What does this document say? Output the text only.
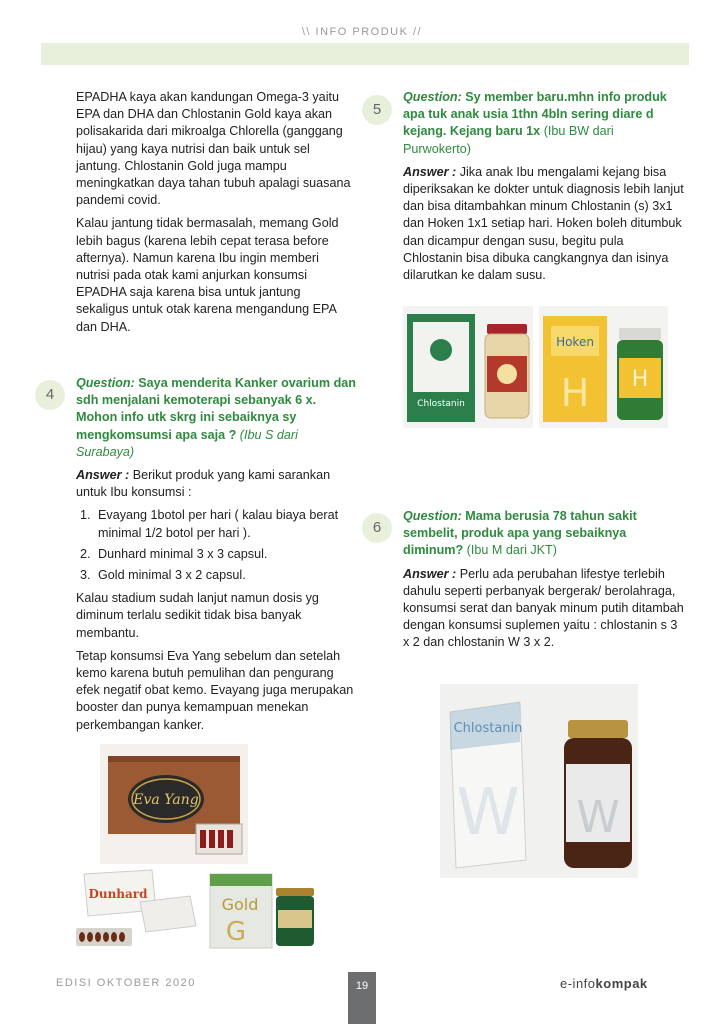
\\ INFO PRODUK //

EPADHA kaya akan kandungan Omega-3 yaitu EPA dan DHA dan Chlostanin Gold kaya akan polisakarida dari mikroalga Chlorella (ganggang hijau) yang kaya nutrisi dan baik untuk sel jantung. Chlostanin Gold juga mampu meningkatkan daya tahan tubuh apalagi suasana pandemi covid.

Kalau jantung tidak bermasalah, memang Gold lebih bagus (karena lebih cepat terasa before afternya). Namun karena Ibu ingin memberi nutrisi pada otak kami anjurkan konsumsi EPADHA saja karena bisa untuk jantung sekaligus untuk otak karena mengandung EPA dan DHA.

4

Question: Saya menderita Kanker ovarium dan sdh menjalani kemoterapi sebanyak 6 x. Mohon info utk skrg ini sebaiknya sy mengkomsumsi apa saja ? (Ibu S dari Surabaya)

Answer : Berikut produk yang kami sarankan untuk Ibu konsumsi :

1. Evayang 1botol per hari ( kalau biaya berat minimal 1/2 botol per hari ).
2. Dunhard minimal 3 x 3 capsul.
3. Gold minimal 3 x 2 capsul.

Kalau stadium sudah lanjut namun dosis yg diminum terlalu sedikit tidak bisa banyak membantu.

Tetap konsumsi Eva Yang sebelum dan setelah kemo karena butuh pemulihan dan pengurang efek negatif obat kemo. Evayang juga merupakan booster dan punya kemampuan menekan perkembangan kanker.

Eva Yang
Dunhard
Gold
G
5

Question: Sy member baru.mhn info produk apa tuk anak usia 1thn 4bln sering diare d kejang. Kejang baru 1x (Ibu BW dari Purwokerto)

Answer : Jika anak Ibu mengalami kejang bisa diperiksakan ke dokter untuk diagnosis lebih lanjut dan bisa ditambahkan minum Chlostanin (s) 3x1 dan Hoken 1x1 setiap hari. Hoken boleh ditumbuk dan dicampur dengan susu, begitu pula Chlostanin bisa dibuka cangkangnya dan isinya dilarutkan ke dalam susu.

Chlostanin
Hoken
H H
6

Question: Mama berusia 78 tahun sakit sembelit, produk apa yang sebaiknya diminum? (Ibu M dari JKT)

Answer : Perlu ada perubahan lifestye terlebih dahulu seperti perbanyak bergerak/ berolahraga, konsumsi serat dan banyak minum putih ditambah dengan konsumsi suplemen yaitu : chlostanin s 3 x 2 dan chlostanin W 3 x 2.

Chlostanin
W W
EDISI OKTOBER 2020	19	e-infokompak
